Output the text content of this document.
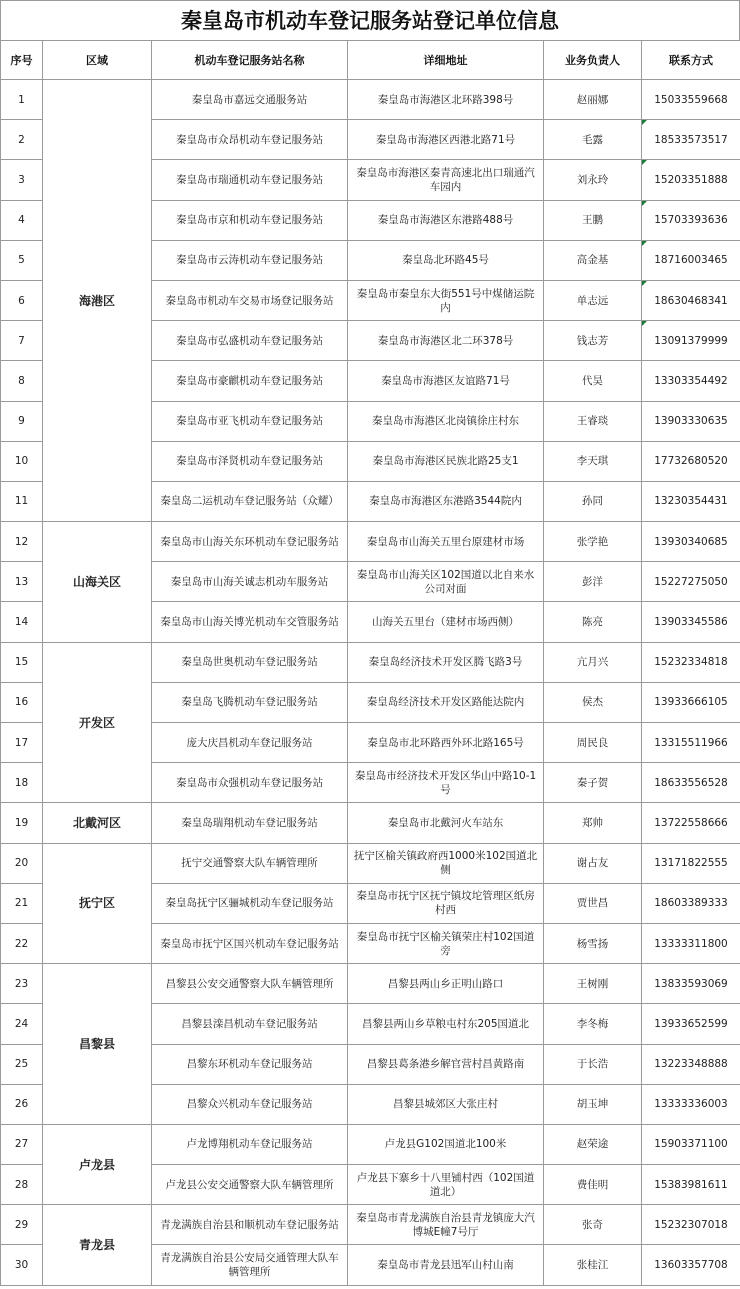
秦皇岛市机动车登记服务站登记单位信息
序号	区域	机动车登记服务站名称	详细地址	业务负责人	联系方式
1	海港区	秦皇岛市嘉远交通服务站	秦皇岛市海港区北环路398号	赵丽娜	15033559668
2		秦皇岛市众昂机动车登记服务站	秦皇岛市海港区西港北路71号	毛露	18533573517
3		秦皇岛市瑞通机动车登记服务站	秦皇岛市海港区秦青高速北出口瑞通汽车园内	刘永玲	15203351888
4		秦皇岛市京和机动车登记服务站	秦皇岛市海港区东港路488号	王鹏	15703393636
5		秦皇岛市云涛机动车登记服务站	秦皇岛北环路45号	高金基	18716003465
6		秦皇岛市机动车交易市场登记服务站	秦皇岛市秦皇东大街551号中煤储运院内	单志远	18630468341
7		秦皇岛市弘盛机动车登记服务站	秦皇岛市海港区北二环378号	钱志芳	13091379999
8		秦皇岛市豪麒机动车登记服务站	秦皇岛市海港区友谊路71号	代昊	13303354492
9		秦皇岛市亚飞机动车登记服务站	秦皇岛市海港区北岗镇徐庄村东	王睿琰	13903330635
10		秦皇岛市泽贤机动车登记服务站	秦皇岛市海港区民族北路25支1	李天琪	17732680520
11		秦皇岛二运机动车登记服务站（众耀）	秦皇岛市海港区东港路3544院内	孙同	13230354431
12	山海关区	秦皇岛市山海关东环机动车登记服务站	秦皇岛市山海关五里台原建材市场	张学艳	13930340685
13		秦皇岛市山海关诚志机动车服务站	秦皇岛市山海关区102国道以北自来水公司对面	彭洋	15227275050
14		秦皇岛市山海关博光机动车交管服务站	山海关五里台（建材市场西侧）	陈亮	13903345586
15	开发区	秦皇岛世奥机动车登记服务站	秦皇岛经济技术开发区腾飞路3号	亢月兴	15232334818
16		秦皇岛飞腾机动车登记服务站	秦皇岛经济技术开发区路能达院内	侯杰	13933666105
17		庞大庆昌机动车登记服务站	秦皇岛市北环路西外环北路165号	周民良	13315511966
18		秦皇岛市众强机动车登记服务站	秦皇岛市经济技术开发区华山中路10-1号	秦子贺	18633556528
19	北戴河区	秦皇岛瑞翔机动车登记服务站	秦皇岛市北戴河火车站东	郑帅	13722558666
20	抚宁区	抚宁交通警察大队车辆管理所	抚宁区榆关镇政府西1000米102国道北侧	谢占友	13171822555
21		秦皇岛抚宁区骊城机动车登记服务站	秦皇岛市抚宁区抚宁镇坟坨管理区纸房村西	贾世昌	18603389333
22		秦皇岛市抚宁区国兴机动车登记服务站	秦皇岛市抚宁区榆关镇荣庄村102国道旁	杨雪扬	13333311800
23	昌黎县	昌黎县公安交通警察大队车辆管理所	昌黎县两山乡正明山路口	王树刚	13833593069
24		昌黎县滦昌机动车登记服务站	昌黎县两山乡草粮屯村东205国道北	李冬梅	13933652599
25		昌黎东环机动车登记服务站	昌黎县葛条港乡解官营村昌黄路南	于长浩	13223348888
26		昌黎众兴机动车登记服务站	昌黎县城郊区大张庄村	胡玉坤	13333336003
27	卢龙县	卢龙博翔机动车登记服务站	卢龙县G102国道北100米	赵荣途	15903371100
28		卢龙县公安交通警察大队车辆管理所	卢龙县下寨乡十八里铺村西（102国道道北）	费佳明	15383981611
29	青龙县	青龙满族自治县和顺机动车登记服务站	秦皇岛市青龙满族自治县青龙镇庞大汽博城E幢7号厅	张奇	15232307018
30		青龙满族自治县公安局交通管理大队车辆管理所	秦皇岛市青龙县迅军山村山南	张桂江	13603357708
